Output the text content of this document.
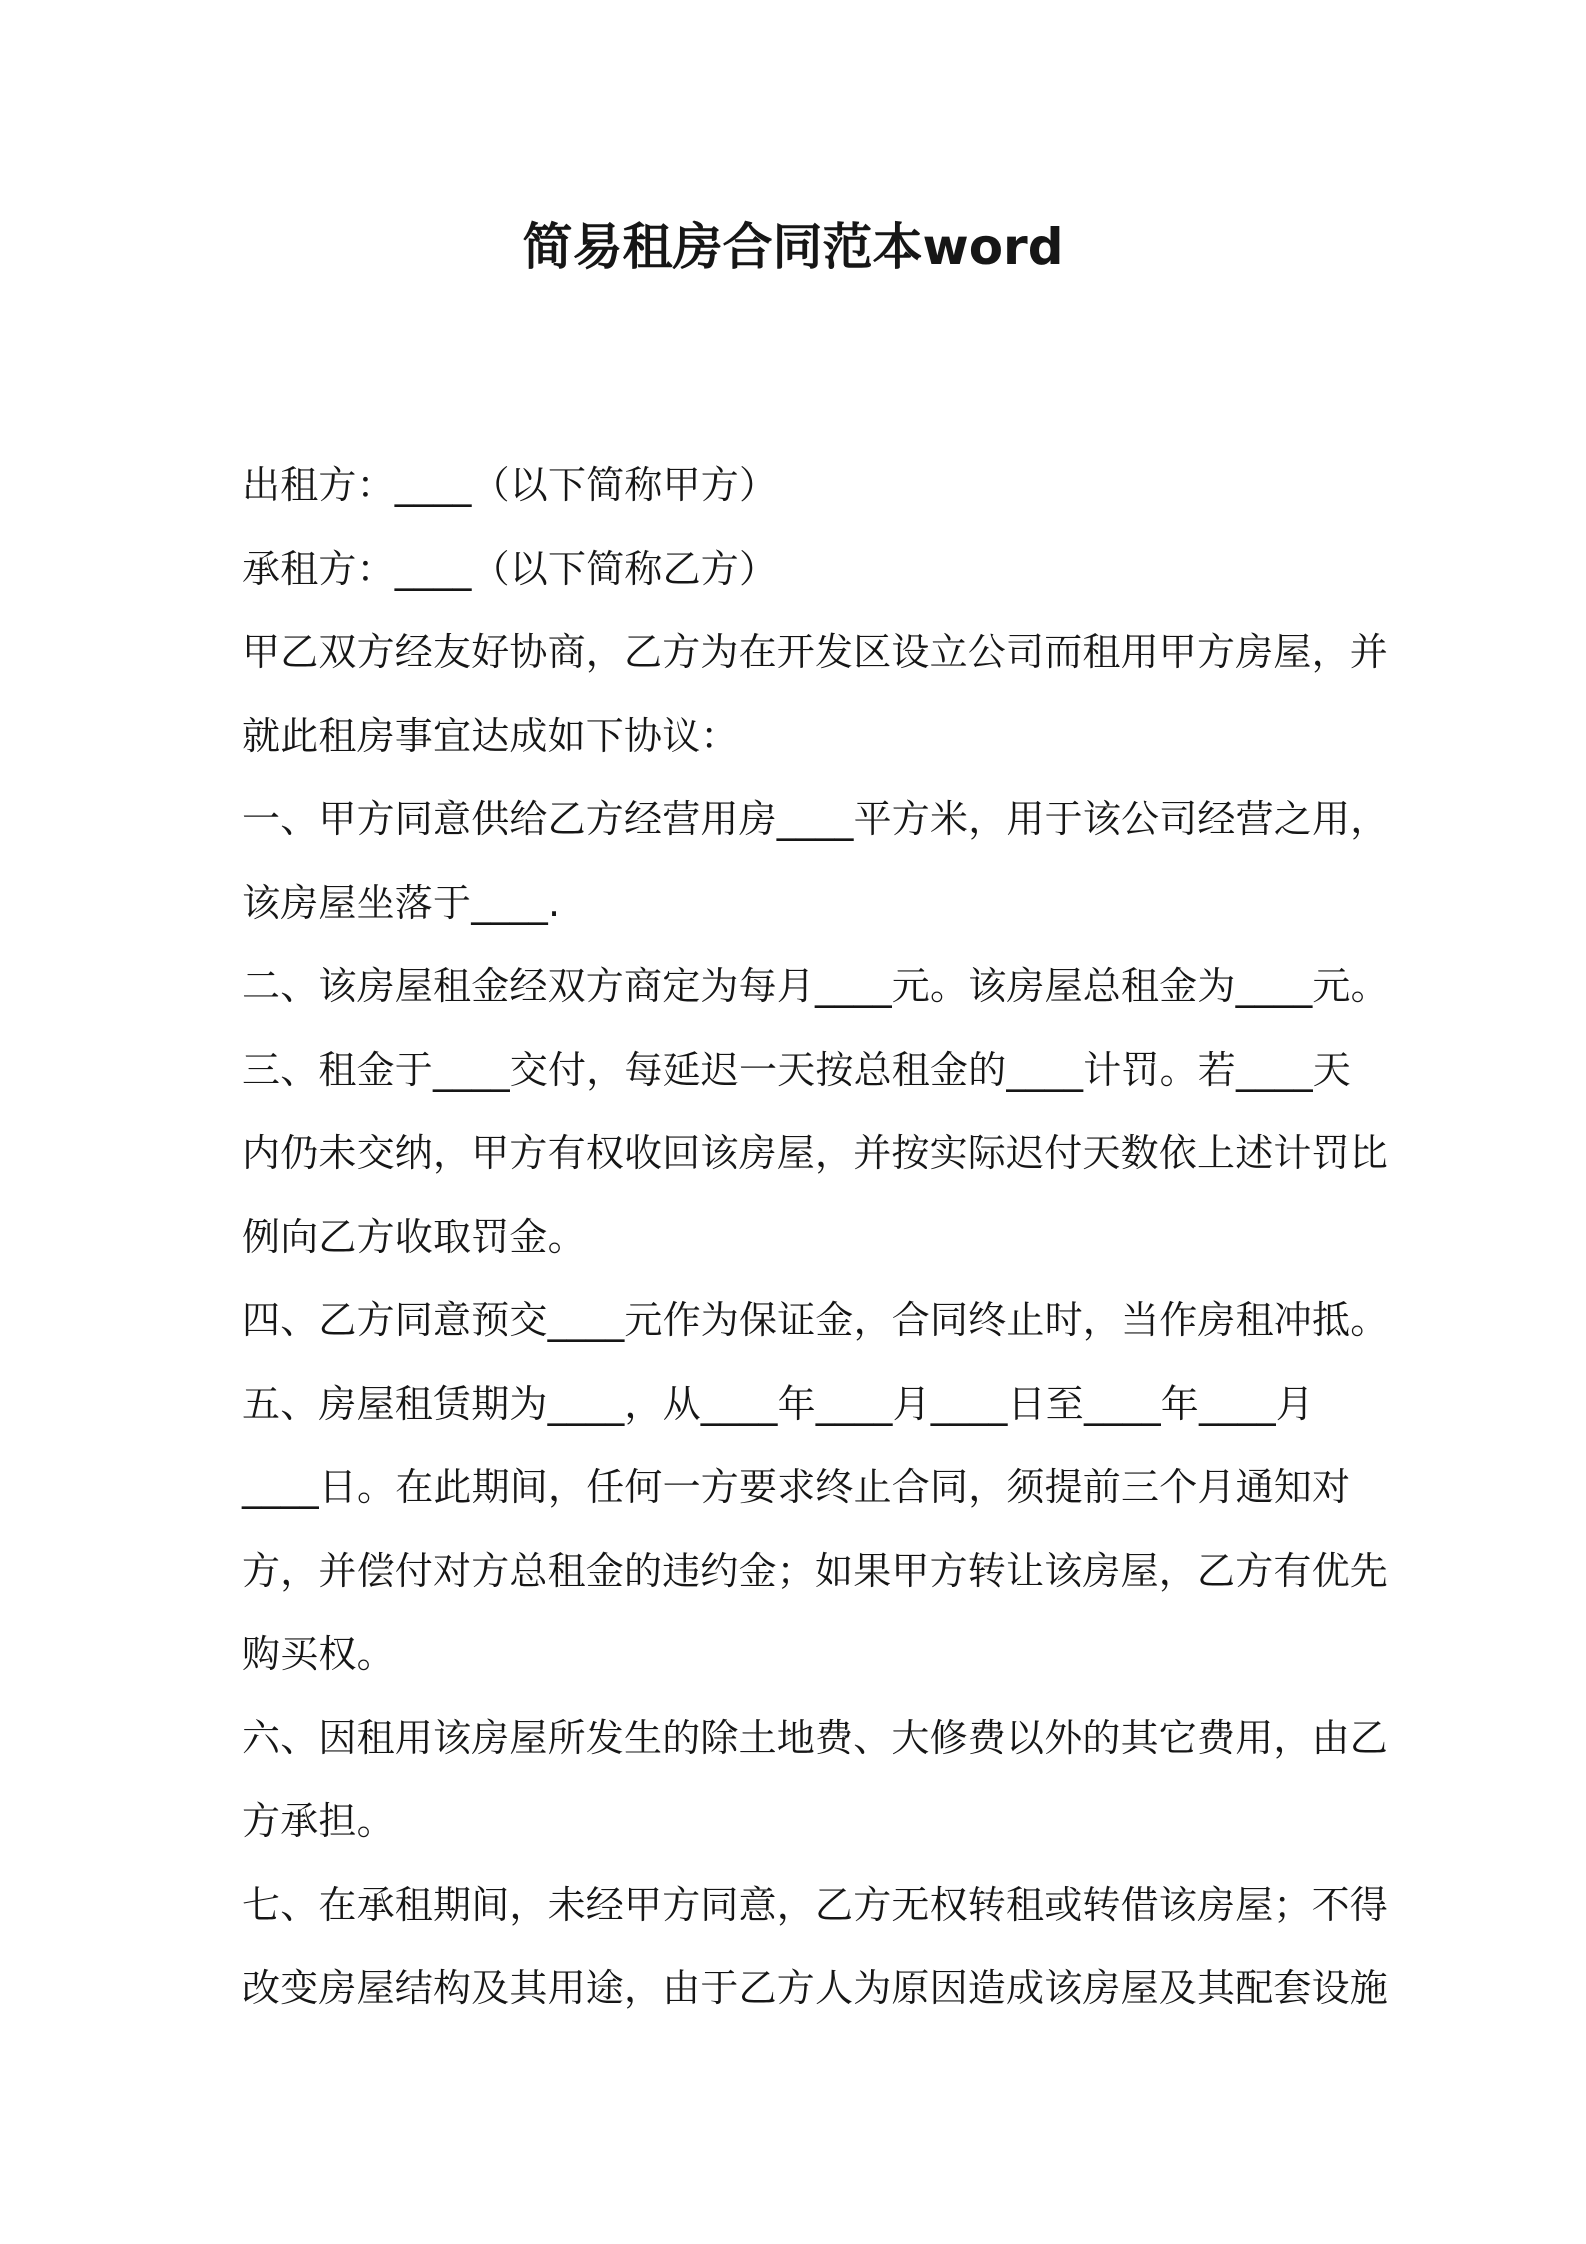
简易租房合同范本word
出租方：____（以下简称甲方）
承租方：____（以下简称乙方）
甲乙双方经友好协商，乙方为在开发区设立公司而租用甲方房屋，并
就此租房事宜达成如下协议：
一、甲方同意供给乙方经营用房____平方米，用于该公司经营之用，
该房屋坐落于____.
二、该房屋租金经双方商定为每月____元。该房屋总租金为____元。
三、租金于____交付，每延迟一天按总租金的____计罚。若____天
内仍未交纳，甲方有权收回该房屋，并按实际迟付天数依上述计罚比
例向乙方收取罚金。
四、乙方同意预交____元作为保证金，合同终止时，当作房租冲抵。
五、房屋租赁期为____，从____年____月____日至____年____月
____日。在此期间，任何一方要求终止合同，须提前三个月通知对
方，并偿付对方总租金的违约金；如果甲方转让该房屋，乙方有优先
购买权。
六、因租用该房屋所发生的除土地费、大修费以外的其它费用，由乙
方承担。
七、在承租期间，未经甲方同意，乙方无权转租或转借该房屋；不得
改变房屋结构及其用途，由于乙方人为原因造成该房屋及其配套设施
